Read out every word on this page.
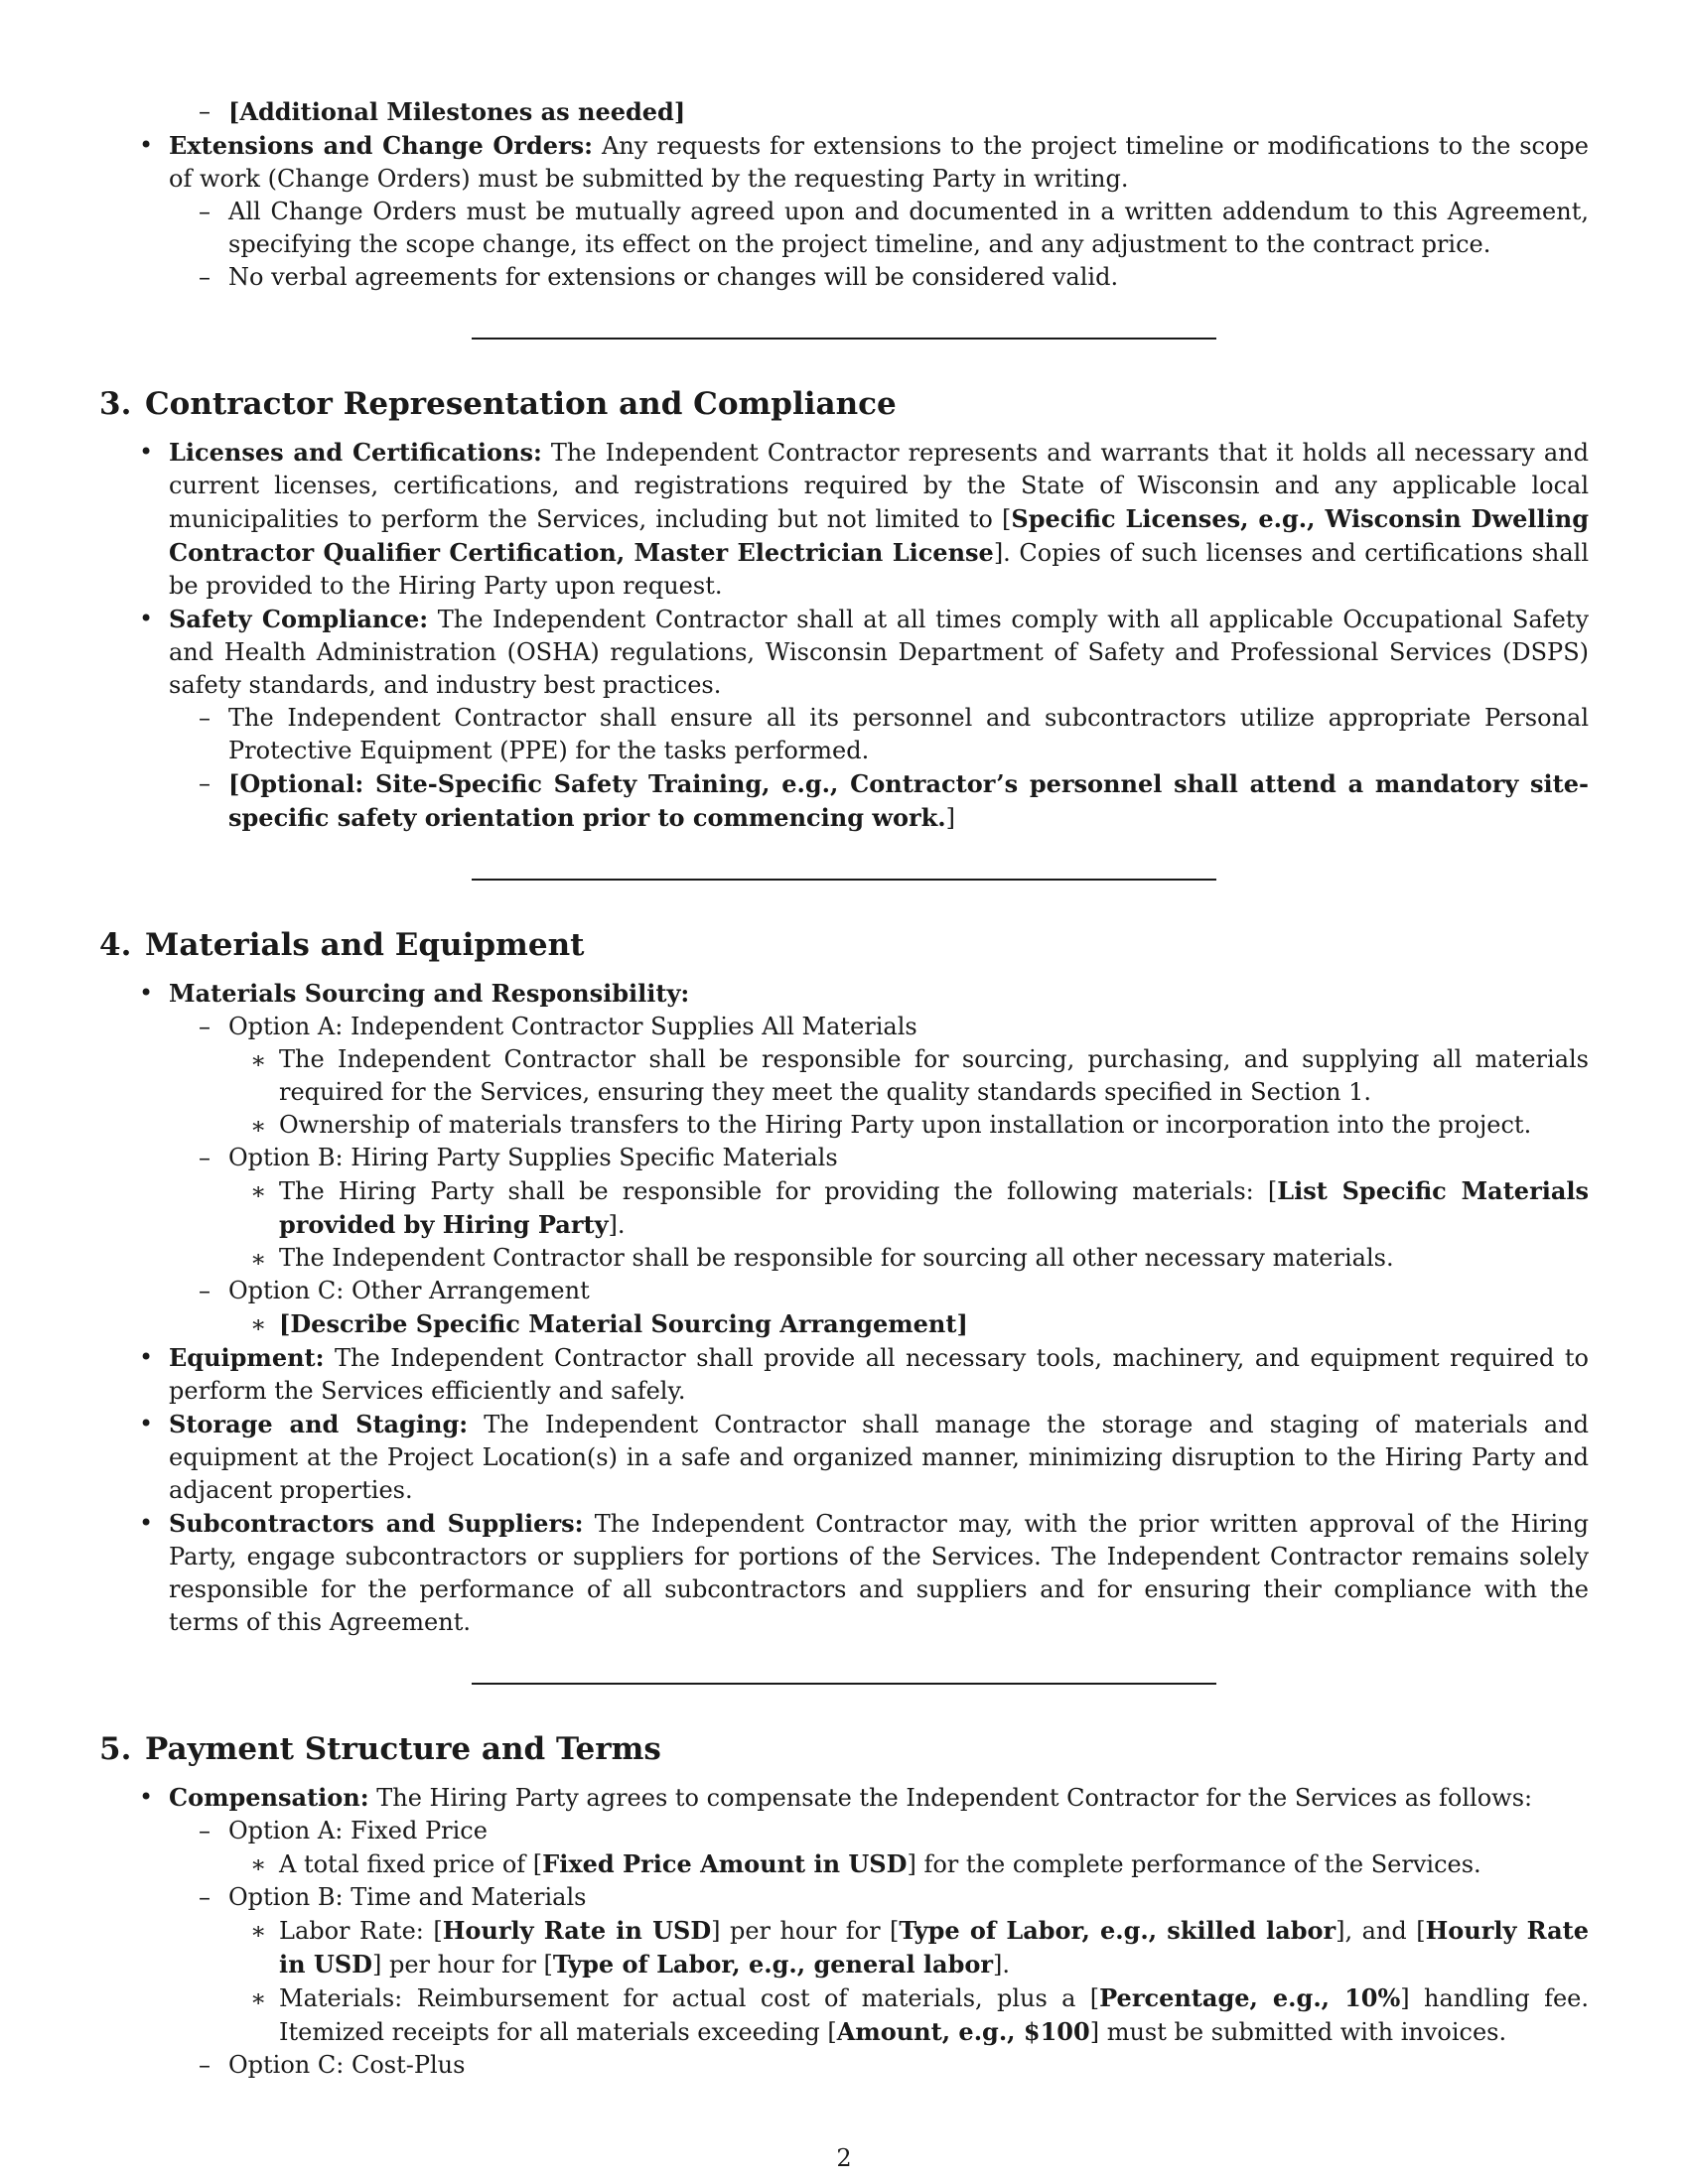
– [Additional Milestones as needed]
• Extensions and Change Orders: Any requests for extensions to the project timeline or modifications to the scope of work (Change Orders) must be submitted by the requesting Party in writing.
– All Change Orders must be mutually agreed upon and documented in a written addendum to this Agreement, specifying the scope change, its effect on the project timeline, and any adjustment to the contract price.
– No verbal agreements for extensions or changes will be considered valid.
3. Contractor Representation and Compliance
• Licenses and Certifications: The Independent Contractor represents and warrants that it holds all necessary and current licenses, certifications, and registrations required by the State of Wisconsin and any applicable local municipalities to perform the Services, including but not limited to [Specific Licenses, e.g., Wisconsin Dwelling Contractor Qualifier Certification, Master Electrician License]. Copies of such licenses and certifications shall be provided to the Hiring Party upon request.
• Safety Compliance: The Independent Contractor shall at all times comply with all applicable Occupational Safety and Health Administration (OSHA) regulations, Wisconsin Department of Safety and Professional Services (DSPS) safety standards, and industry best practices.
– The Independent Contractor shall ensure all its personnel and subcontractors utilize appropriate Personal Protective Equipment (PPE) for the tasks performed.
– [Optional: Site-Specific Safety Training, e.g., Contractor’s personnel shall attend a mandatory site-specific safety orientation prior to commencing work.]
4. Materials and Equipment
• Materials Sourcing and Responsibility:
– Option A: Independent Contractor Supplies All Materials
∗ The Independent Contractor shall be responsible for sourcing, purchasing, and supplying all materials required for the Services, ensuring they meet the quality standards specified in Section 1.
∗ Ownership of materials transfers to the Hiring Party upon installation or incorporation into the project.
– Option B: Hiring Party Supplies Specific Materials
∗ The Hiring Party shall be responsible for providing the following materials: [List Specific Materials provided by Hiring Party].
∗ The Independent Contractor shall be responsible for sourcing all other necessary materials.
– Option C: Other Arrangement
∗ [Describe Specific Material Sourcing Arrangement]
• Equipment: The Independent Contractor shall provide all necessary tools, machinery, and equipment required to perform the Services efficiently and safely.
• Storage and Staging: The Independent Contractor shall manage the storage and staging of materials and equipment at the Project Location(s) in a safe and organized manner, minimizing disruption to the Hiring Party and adjacent properties.
• Subcontractors and Suppliers: The Independent Contractor may, with the prior written approval of the Hiring Party, engage subcontractors or suppliers for portions of the Services. The Independent Contractor remains solely responsible for the performance of all subcontractors and suppliers and for ensuring their compliance with the terms of this Agreement.
5. Payment Structure and Terms
• Compensation: The Hiring Party agrees to compensate the Independent Contractor for the Services as follows:
– Option A: Fixed Price
∗ A total fixed price of [Fixed Price Amount in USD] for the complete performance of the Services.
– Option B: Time and Materials
∗ Labor Rate: [Hourly Rate in USD] per hour for [Type of Labor, e.g., skilled labor], and [Hourly Rate in USD] per hour for [Type of Labor, e.g., general labor].
∗ Materials: Reimbursement for actual cost of materials, plus a [Percentage, e.g., 10%] handling fee. Itemized receipts for all materials exceeding [Amount, e.g., $100] must be submitted with invoices.
– Option C: Cost-Plus
2
